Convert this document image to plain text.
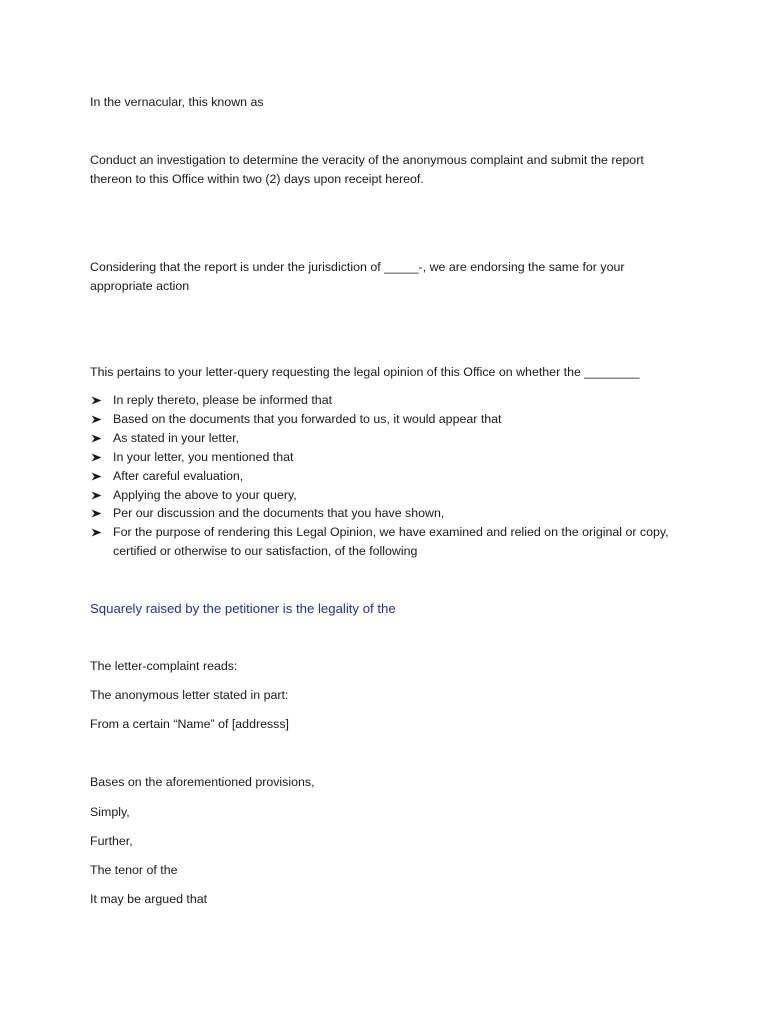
In the vernacular, this known as

Conduct an investigation to determine the veracity of the anonymous complaint and submit the report thereon to this Office within two (2) days upon receipt hereof.

Considering that the report is under the jurisdiction of _____-, we are endorsing the same for your appropriate action

This pertains to your letter-query requesting the legal opinion of this Office on whether the ________

In reply thereto, please be informed that
Based on the documents that you forwarded to us, it would appear that
As stated in your letter,
In your letter, you mentioned that
After careful evaluation,
Applying the above to your query,
Per our discussion and the documents that you have shown,
For the purpose of rendering this Legal Opinion, we have examined and relied on the original or copy, certified or otherwise to our satisfaction, of the following

Squarely raised by the petitioner is the legality of the

The letter-complaint reads:

The anonymous letter stated in part:

From a certain “Name” of [addresss]

Bases on the aforementioned provisions,

Simply,

Further,

The tenor of the

It may be argued that
